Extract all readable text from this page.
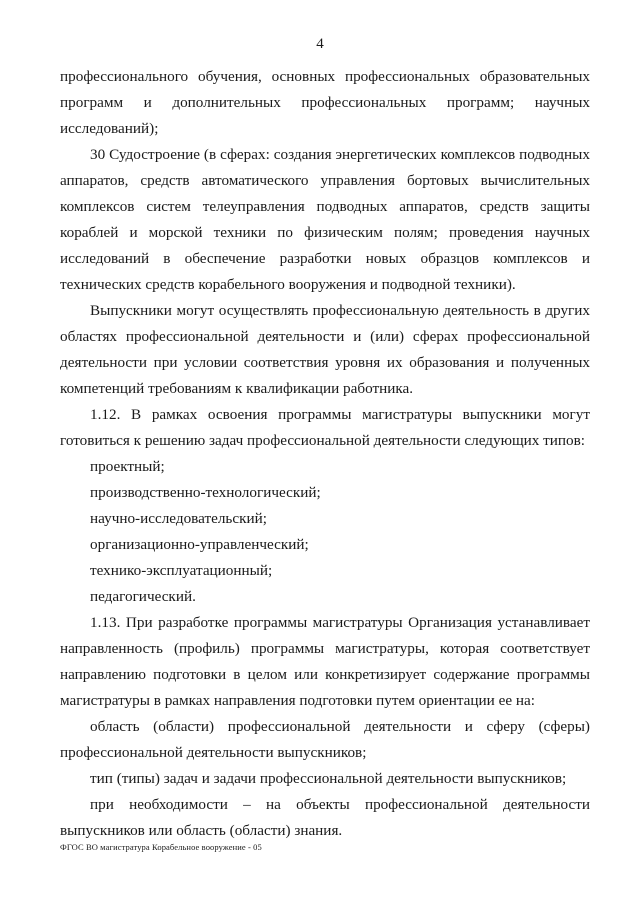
4

профессионального обучения, основных профессиональных образовательных программ и дополнительных профессиональных программ; научных исследований);

30 Судостроение (в сферах: создания энергетических комплексов подводных аппаратов, средств автоматического управления бортовых вычислительных комплексов систем телеуправления подводных аппаратов, средств защиты кораблей и морской техники по физическим полям; проведения научных исследований в обеспечение разработки новых образцов комплексов и технических средств корабельного вооружения и подводной техники).

Выпускники могут осуществлять профессиональную деятельность в других областях профессиональной деятельности и (или) сферах профессиональной деятельности при условии соответствия уровня их образования и полученных компетенций требованиям к квалификации работника.

1.12. В рамках освоения программы магистратуры выпускники могут готовиться к решению задач профессиональной деятельности следующих типов:

проектный;

производственно-технологический;

научно-исследовательский;

организационно-управленческий;

технико-эксплуатационный;

педагогический.

1.13. При разработке программы магистратуры Организация устанавливает направленность (профиль) программы магистратуры, которая соответствует направлению подготовки в целом или конкретизирует содержание программы магистратуры в рамках направления подготовки путем ориентации ее на:

область (области) профессиональной деятельности и сферу (сферы) профессиональной деятельности выпускников;

тип (типы) задач и задачи профессиональной деятельности выпускников;

при необходимости – на объекты профессиональной деятельности выпускников или область (области) знания.

ФГОС ВО магистратура Корабельное вооружение - 05
